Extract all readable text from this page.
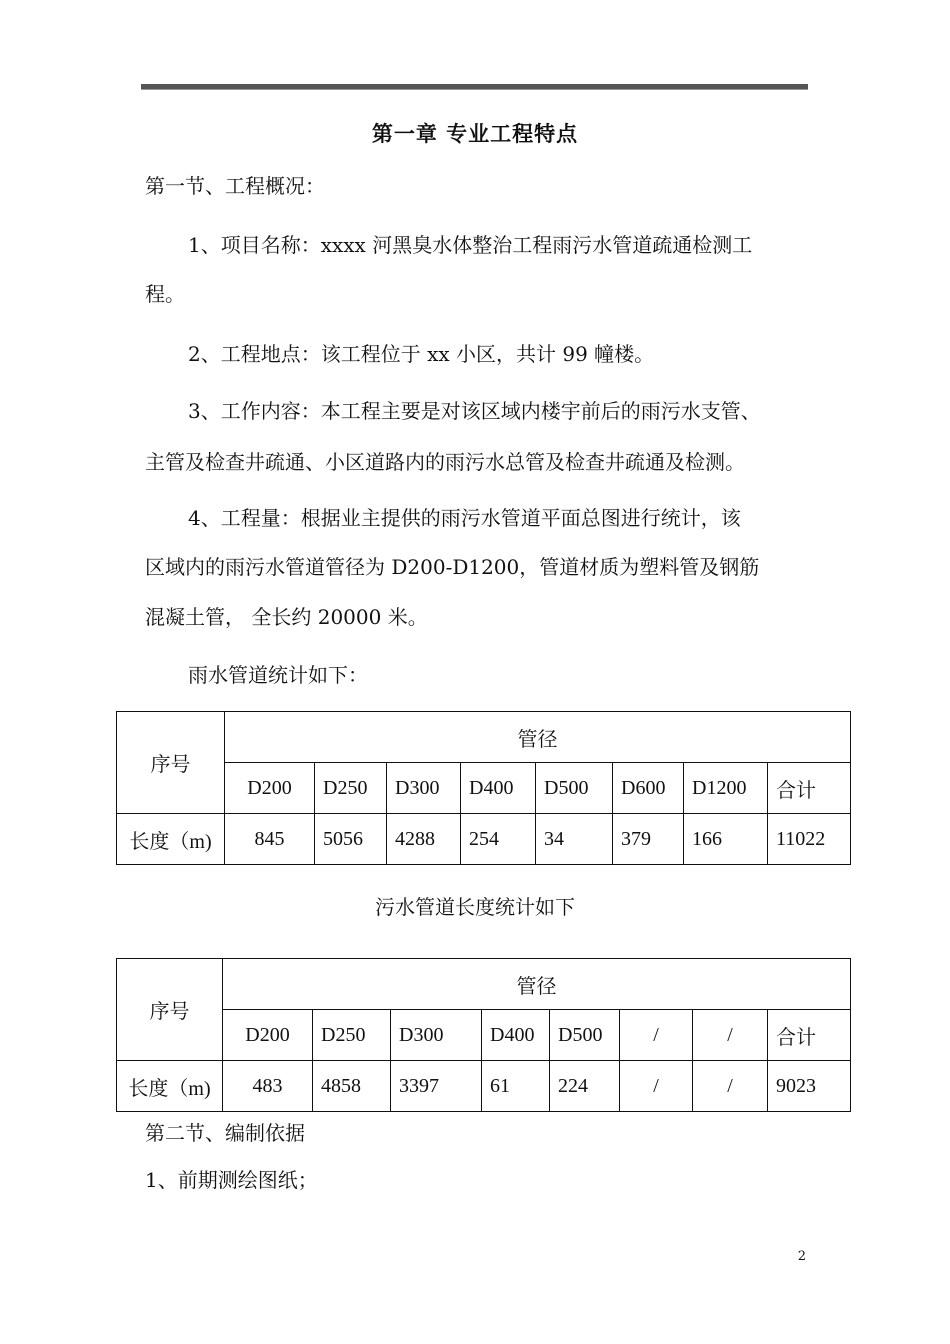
第一章 专业工程特点
第一节、工程概况：
1、项目名称：xxxx 河黑臭水体整治工程雨污水管道疏通检测工
程。
2、工程地点：该工程位于 xx 小区，共计 99 幢楼。
3、工作内容：本工程主要是对该区域内楼宇前后的雨污水支管、
主管及检查井疏通、小区道路内的雨污水总管及检查井疏通及检测。
4、工程量：根据业主提供的雨污水管道平面总图进行统计，该
区域内的雨污水管道管径为 D200-D1200，管道材质为塑料管及钢筋
混凝土管， 全长约 20000 米。
雨水管道统计如下：
序号	管径							
	D200	D250	D300	D400	D500	D600	D1200	合计
长度（m)	845	5056	4288	254	34	379	166	11022
污水管道长度统计如下
序号	管径							
	D200	D250	D300	D400	D500	/	/	合计
长度（m)	483	4858	3397	61	224	/	/	9023
第二节、编制依据
1、前期测绘图纸；
2
